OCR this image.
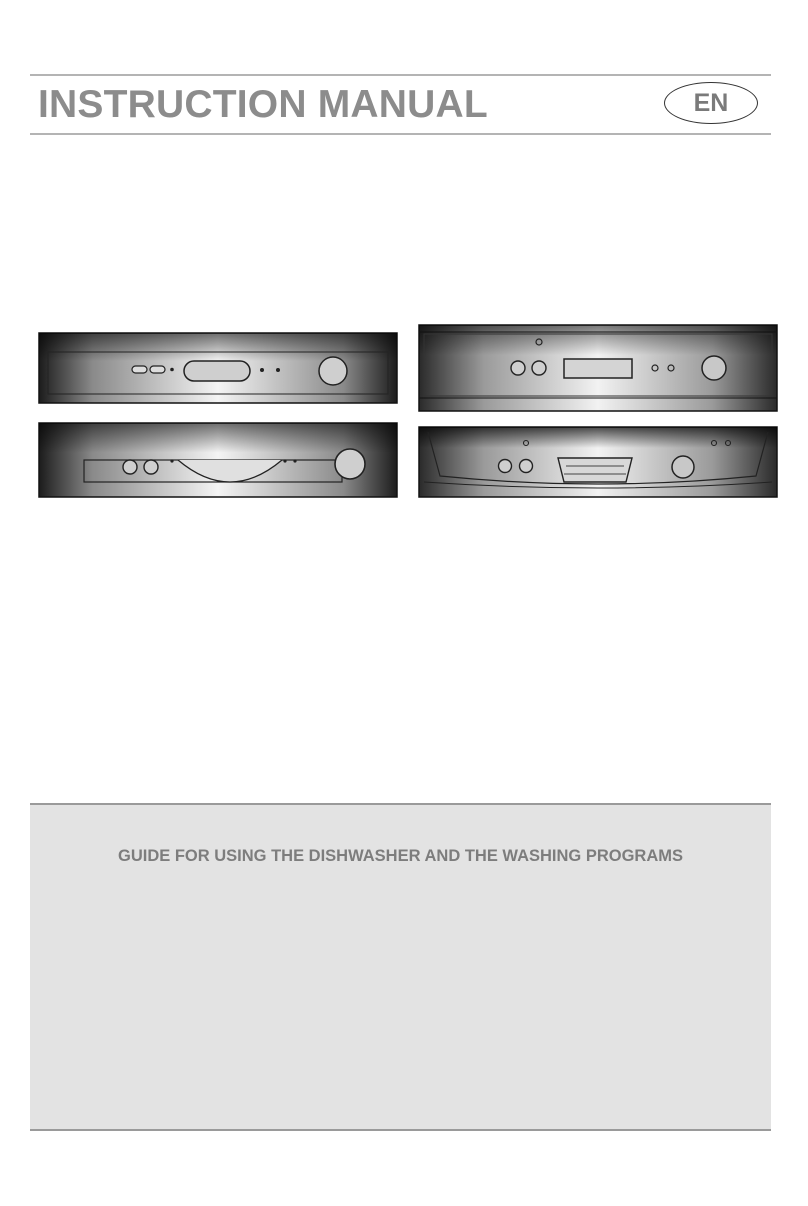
INSTRUCTION MANUAL	EN

GUIDE FOR USING THE DISHWASHER AND THE WASHING PROGRAMS
